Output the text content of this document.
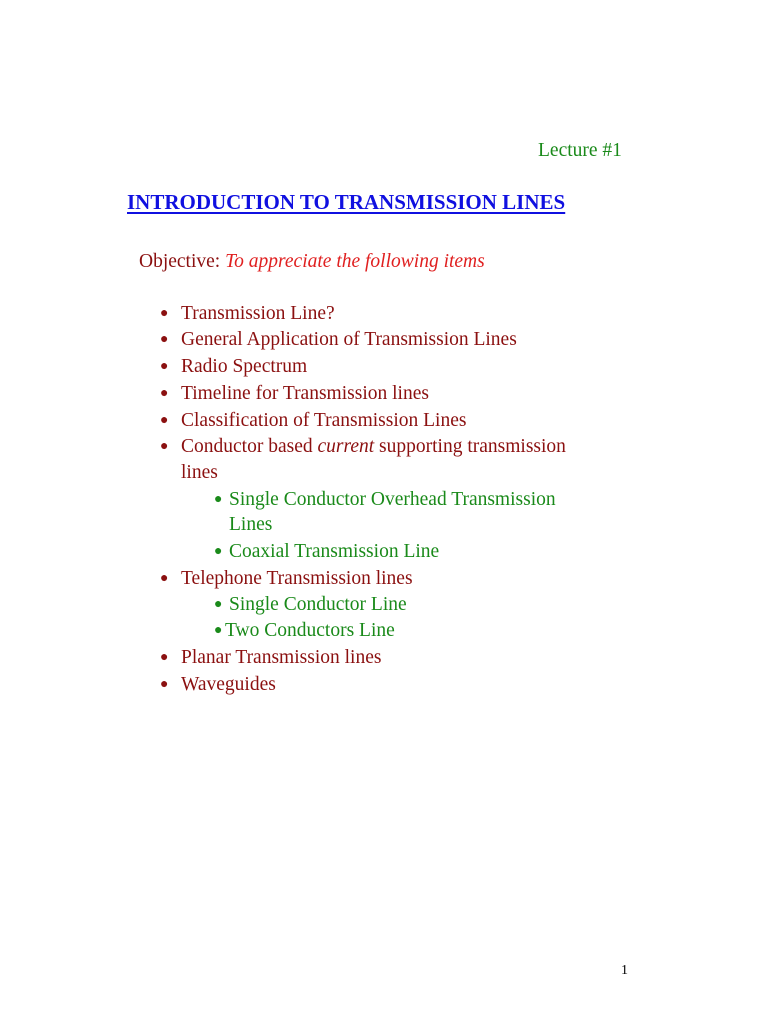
Lecture #1
INTRODUCTION TO TRANSMISSION LINES
Objective: To appreciate the following items
● Transmission Line?
● General Application of Transmission Lines
● Radio Spectrum
● Timeline for Transmission lines
● Classification of Transmission Lines
● Conductor based current supporting transmission
lines
● Single Conductor Overhead Transmission
Lines
● Coaxial Transmission Line
● Telephone Transmission lines
● Single Conductor Line
● Two Conductors Line
● Planar Transmission lines
● Waveguides
1
